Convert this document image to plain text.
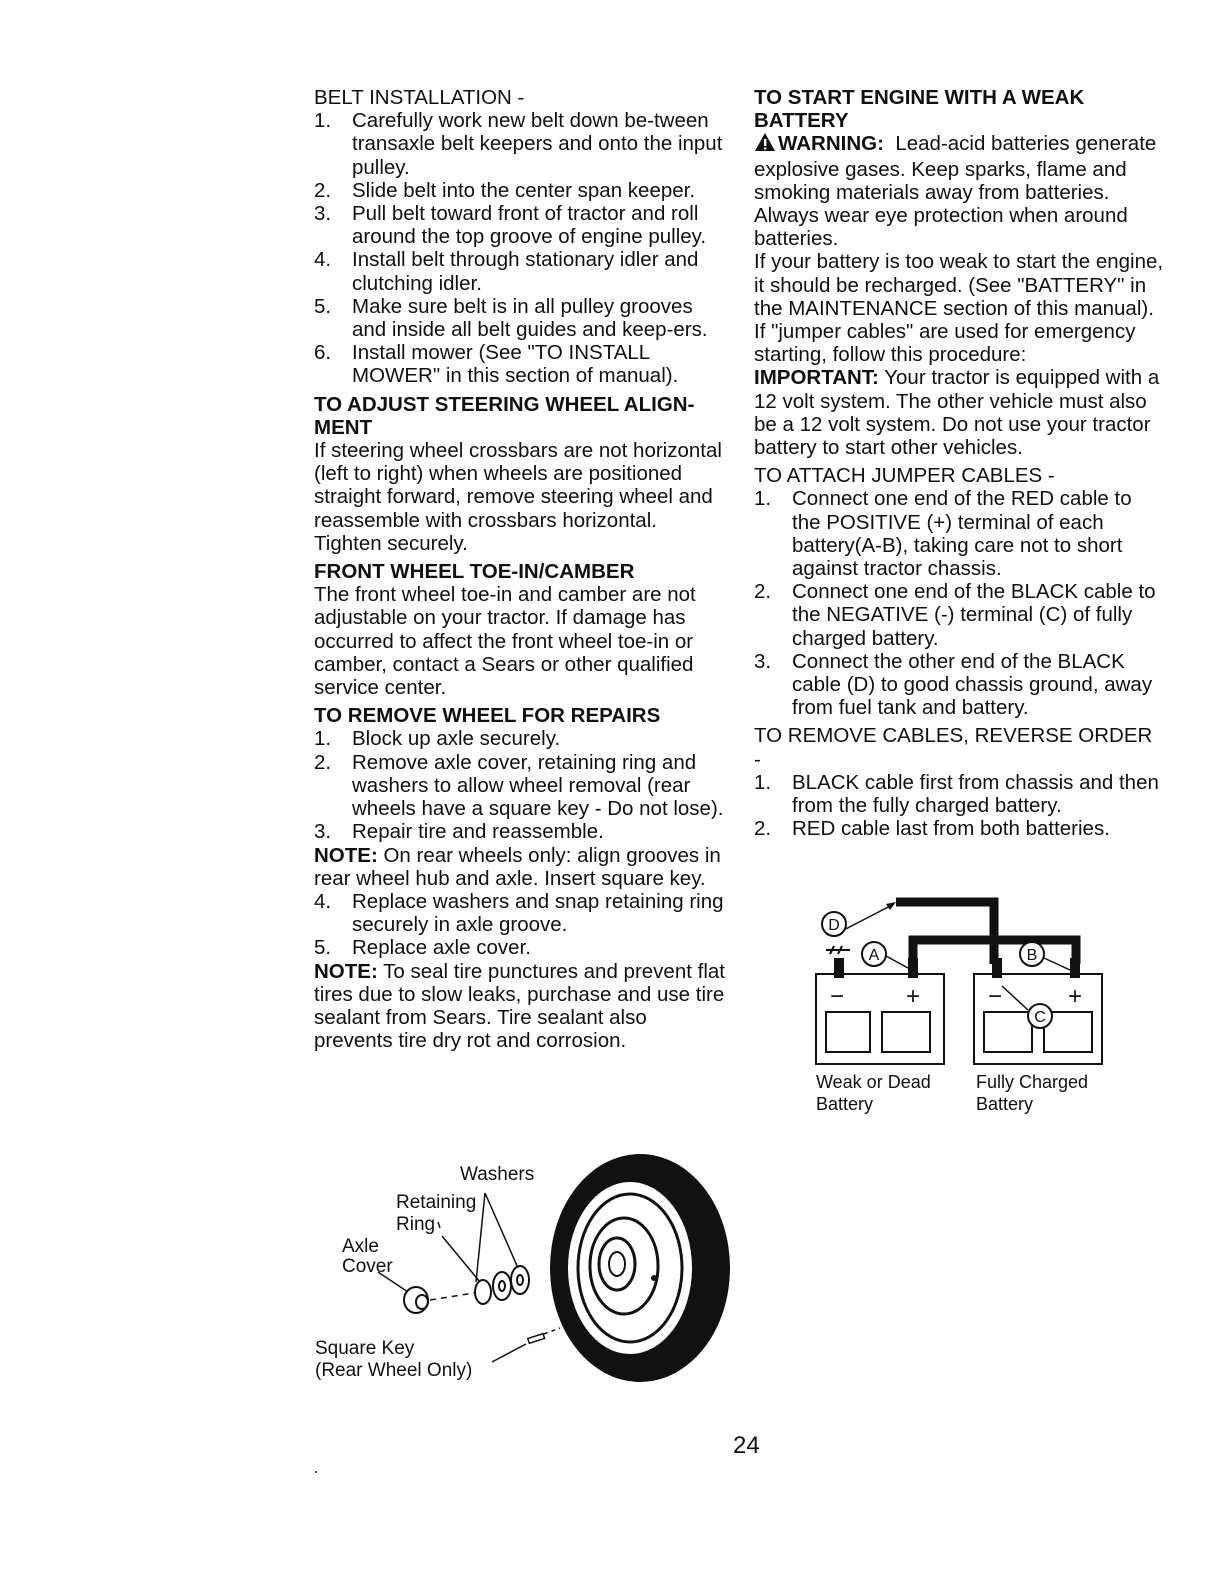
BELT INSTALLATION -
1.	Carefully work new belt down be-tween transaxle belt keepers and onto the input pulley.
2.	Slide belt into the center span keeper.
3.	Pull belt toward front of tractor and roll around the top groove of engine pulley.
4.	Install belt through stationary idler and clutching idler.
5.	Make sure belt is in all pulley grooves and inside all belt guides and keep-ers.
6.	Install mower (See "TO INSTALL MOWER" in this section of manual).
TO ADJUST STEERING WHEEL ALIGN-MENT

If steering wheel crossbars are not horizontal (left to right) when wheels are positioned straight forward, remove steering wheel and reassemble with crossbars horizontal. Tighten securely.

FRONT WHEEL TOE-IN/CAMBER

The front wheel toe-in and camber are not adjustable on your tractor. If damage has occurred to affect the front wheel toe-in or camber, contact a Sears or other qualified service center.

TO REMOVE WHEEL FOR REPAIRS
1.	Block up axle securely.
2.	Remove axle cover, retaining ring and washers to allow wheel removal (rear wheels have a square key - Do not lose).
3.	Repair tire and reassemble.

NOTE: On rear wheels only: align grooves in rear wheel hub and axle. Insert square key.

4.	Replace washers and snap retaining ring securely in axle groove.
5.	Replace axle cover.

NOTE: To seal tire punctures and prevent flat tires due to slow leaks, purchase and use tire sealant from Sears. Tire sealant also prevents tire dry rot and corrosion.

Washers
Retaining
Ring
Axle
Cover
Square Key
(Rear Wheel Only)
TO START ENGINE WITH A WEAK BATTERY

WARNING: Lead-acid batteries generate explosive gases. Keep sparks, flame and smoking materials away from batteries. Always wear eye protection when around batteries.

If your battery is too weak to start the engine, it should be recharged. (See "BATTERY" in the MAINTENANCE section of this manual).

If "jumper cables" are used for emergency starting, follow this procedure:

IMPORTANT: Your tractor is equipped with a 12 volt system. The other vehicle must also be a 12 volt system. Do not use your tractor battery to start other vehicles.

TO ATTACH JUMPER CABLES -
1.	Connect one end of the RED cable to the POSITIVE (+) terminal of each battery(A-B), taking care not to short against tractor chassis.
2.	Connect one end of the BLACK cable to the NEGATIVE (-) terminal (C) of fully charged battery.
3.	Connect the other end of the BLACK cable (D) to good chassis ground, away from fuel tank and battery.
TO REMOVE CABLES, REVERSE ORDER -
1.	BLACK cable first from chassis and then from the fully charged battery.
2.	RED cable last from both batteries.
D
A	B
C
−	+	−	+
Weak or Dead
Battery
Fully Charged
Battery
24
